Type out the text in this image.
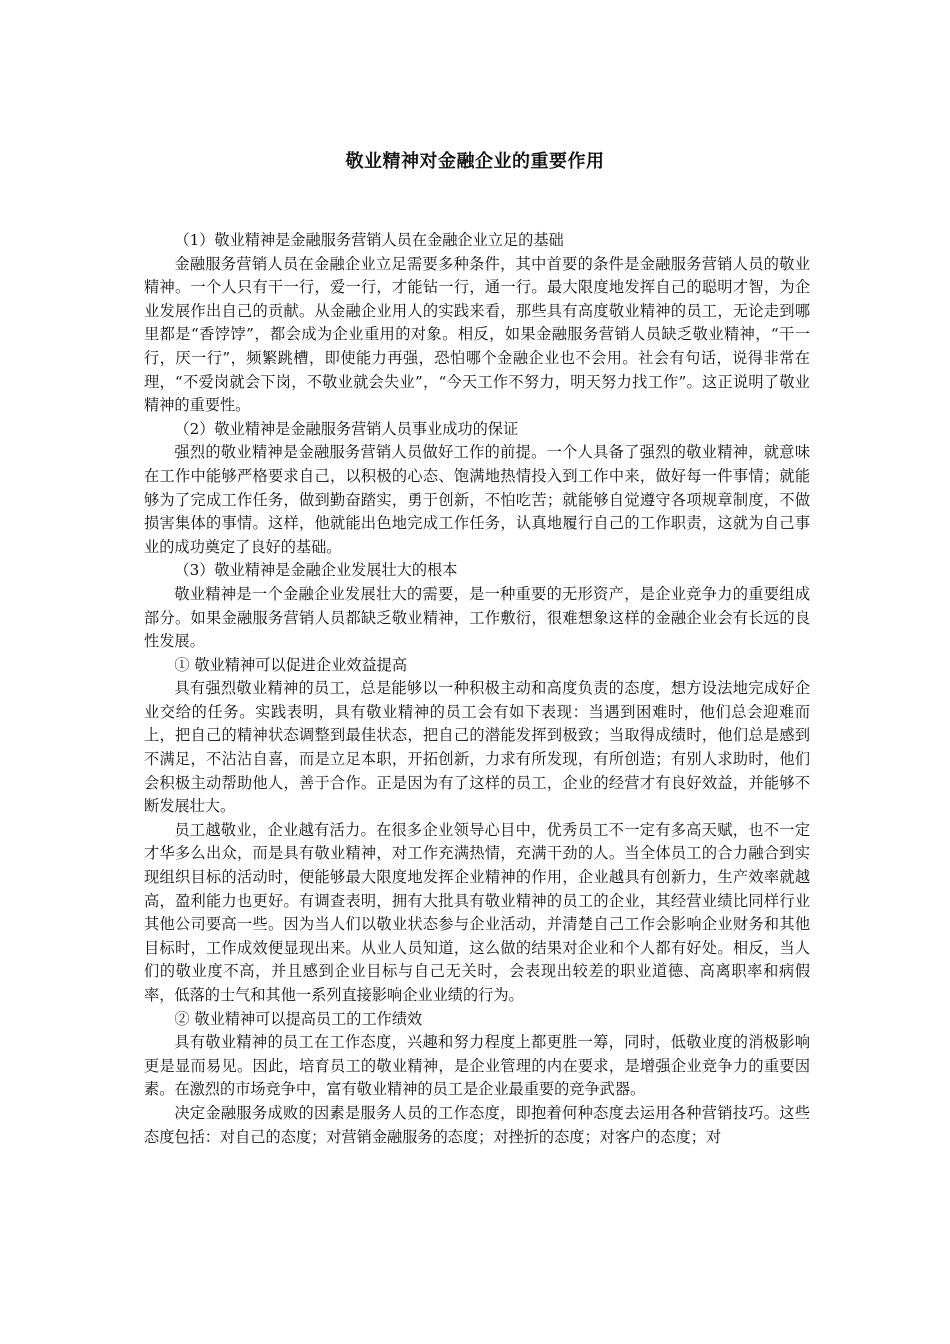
敬业精神对金融企业的重要作用

（1）敬业精神是金融服务营销人员在金融企业立足的基础

金融服务营销人员在金融企业立足需要多种条件，其中首要的条件是金融服务营销人员的敬业精神。一个人只有干一行，爱一行，才能钻一行，通一行。最大限度地发挥自己的聪明才智，为企业发展作出自己的贡献。从金融企业用人的实践来看，那些具有高度敬业精神的员工，无论走到哪里都是“香饽饽”，都会成为企业重用的对象。相反，如果金融服务营销人员缺乏敬业精神，“干一行，厌一行”，频繁跳槽，即使能力再强，恐怕哪个金融企业也不会用。社会有句话，说得非常在理，“不爱岗就会下岗，不敬业就会失业”，“今天工作不努力，明天努力找工作”。这正说明了敬业精神的重要性。

（2）敬业精神是金融服务营销人员事业成功的保证

强烈的敬业精神是金融服务营销人员做好工作的前提。一个人具备了强烈的敬业精神，就意味在工作中能够严格要求自己，以积极的心态、饱满地热情投入到工作中来，做好每一件事情；就能够为了完成工作任务，做到勤奋踏实，勇于创新，不怕吃苦；就能够自觉遵守各项规章制度，不做损害集体的事情。这样，他就能出色地完成工作任务，认真地履行自己的工作职责，这就为自己事业的成功奠定了良好的基础。

（3）敬业精神是金融企业发展壮大的根本

敬业精神是一个金融企业发展壮大的需要，是一种重要的无形资产，是企业竞争力的重要组成部分。如果金融服务营销人员都缺乏敬业精神，工作敷衍，很难想象这样的金融企业会有长远的良性发展。

① 敬业精神可以促进企业效益提高

具有强烈敬业精神的员工，总是能够以一种积极主动和高度负责的态度，想方设法地完成好企业交给的任务。实践表明，具有敬业精神的员工会有如下表现：当遇到困难时，他们总会迎难而上，把自己的精神状态调整到最佳状态，把自己的潜能发挥到极致；当取得成绩时，他们总是感到不满足，不沾沾自喜，而是立足本职，开拓创新，力求有所发现，有所创造；有别人求助时，他们会积极主动帮助他人，善于合作。正是因为有了这样的员工，企业的经营才有良好效益，并能够不断发展壮大。

员工越敬业，企业越有活力。在很多企业领导心目中，优秀员工不一定有多高天赋，也不一定才华多么出众，而是具有敬业精神，对工作充满热情，充满干劲的人。当全体员工的合力融合到实现组织目标的活动时，便能够最大限度地发挥企业精神的作用，企业越具有创新力，生产效率就越高，盈利能力也更好。有调查表明，拥有大批具有敬业精神的员工的企业，其经营业绩比同样行业其他公司要高一些。因为当人们以敬业状态参与企业活动，并清楚自己工作会影响企业财务和其他目标时，工作成效便显现出来。从业人员知道，这么做的结果对企业和个人都有好处。相反，当人们的敬业度不高，并且感到企业目标与自己无关时，会表现出较差的职业道德、高离职率和病假率，低落的士气和其他一系列直接影响企业业绩的行为。

② 敬业精神可以提高员工的工作绩效

具有敬业精神的员工在工作态度，兴趣和努力程度上都更胜一筹，同时，低敬业度的消极影响更是显而易见。因此，培育员工的敬业精神，是企业管理的内在要求，是增强企业竞争力的重要因素。在激烈的市场竞争中，富有敬业精神的员工是企业最重要的竞争武器。

决定金融服务成败的因素是服务人员的工作态度，即抱着何种态度去运用各种营销技巧。这些态度包括：对自己的态度；对营销金融服务的态度；对挫折的态度；对客户的态度；对
